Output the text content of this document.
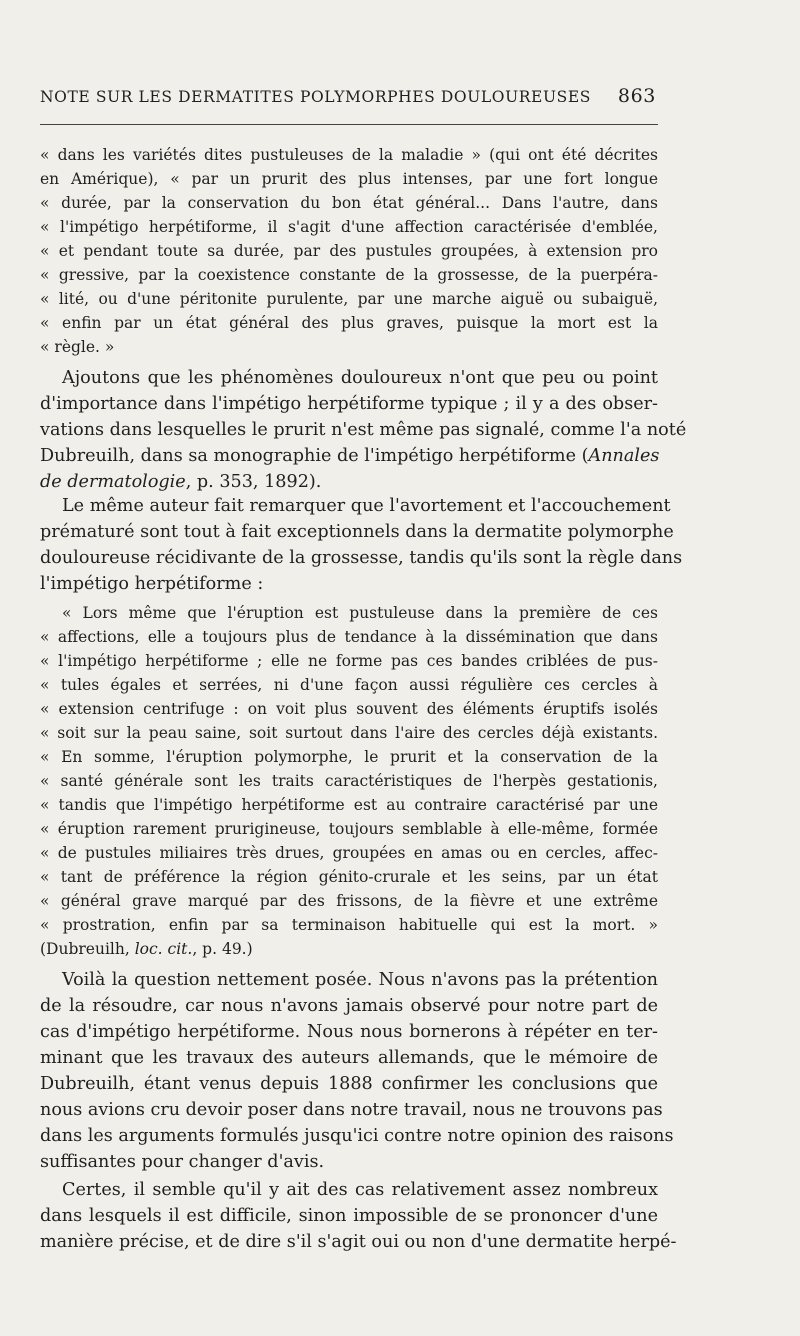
NOTE SUR LES DERMATITES POLYMORPHES DOULOUREUSES 863
« dans les variétés dites pustuleuses de la maladie » (qui ont été décrites
en Amérique), « par un prurit des plus intenses, par une fort longue
« durée, par la conservation du bon état général... Dans l'autre, dans
« l'impétigo herpétiforme, il s'agit d'une affection caractérisée d'emblée,
« et pendant toute sa durée, par des pustules groupées, à extension pro
« gressive, par la coexistence constante de la grossesse, de la puerpéra-
« lité, ou d'une péritonite purulente, par une marche aiguë ou subaiguë,
« enfin par un état général des plus graves, puisque la mort est la
« règle. »
Ajoutons que les phénomènes douloureux n'ont que peu ou point
d'importance dans l'impétigo herpétiforme typique ; il y a des obser-
vations dans lesquelles le prurit n'est même pas signalé, comme l'a noté
Dubreuilh, dans sa monographie de l'impétigo herpétiforme (Annales
de dermatologie, p. 353, 1892).
Le même auteur fait remarquer que l'avortement et l'accouchement
prématuré sont tout à fait exceptionnels dans la dermatite polymorphe
douloureuse récidivante de la grossesse, tandis qu'ils sont la règle dans
l'impétigo herpétiforme :
« Lors même que l'éruption est pustuleuse dans la première de ces
« affections, elle a toujours plus de tendance à la dissémination que dans
« l'impétigo herpétiforme ; elle ne forme pas ces bandes criblées de pus-
« tules égales et serrées, ni d'une façon aussi régulière ces cercles à
« extension centrifuge : on voit plus souvent des éléments éruptifs isolés
« soit sur la peau saine, soit surtout dans l'aire des cercles déjà existants.
« En somme, l'éruption polymorphe, le prurit et la conservation de la
« santé générale sont les traits caractéristiques de l'herpès gestationis,
« tandis que l'impétigo herpétiforme est au contraire caractérisé par une
« éruption rarement prurigineuse, toujours semblable à elle-même, formée
« de pustules miliaires très drues, groupées en amas ou en cercles, affec-
« tant de préférence la région génito-crurale et les seins, par un état
« général grave marqué par des frissons, de la fièvre et une extrême
« prostration, enfin par sa terminaison habituelle qui est la mort. »
(Dubreuilh, loc. cit., p. 49.)
Voilà la question nettement posée. Nous n'avons pas la prétention
de la résoudre, car nous n'avons jamais observé pour notre part de
cas d'impétigo herpétiforme. Nous nous bornerons à répéter en ter-
minant que les travaux des auteurs allemands, que le mémoire de
Dubreuilh, étant venus depuis 1888 confirmer les conclusions que
nous avions cru devoir poser dans notre travail, nous ne trouvons pas
dans les arguments formulés jusqu'ici contre notre opinion des raisons
suffisantes pour changer d'avis.
Certes, il semble qu'il y ait des cas relativement assez nombreux
dans lesquels il est difficile, sinon impossible de se prononcer d'une
manière précise, et de dire s'il s'agit oui ou non d'une dermatite herpé-
